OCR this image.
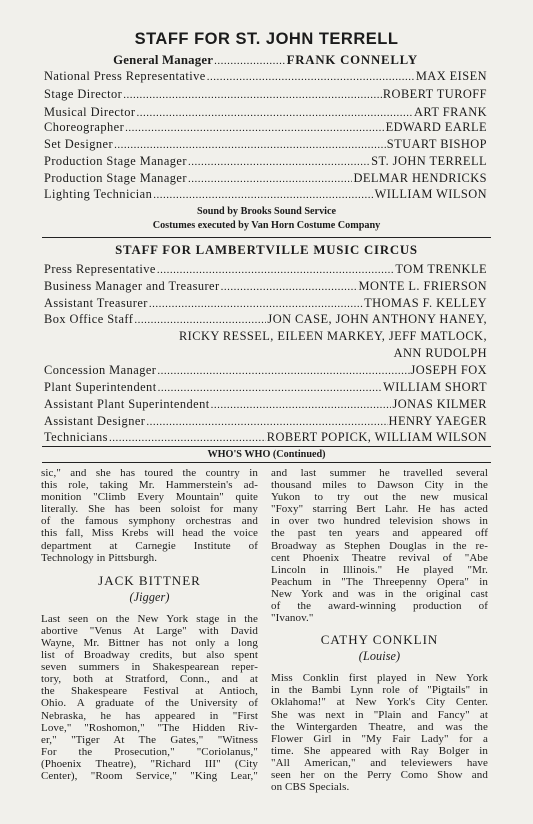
STAFF FOR ST. JOHN TERRELL
General Manager ...................... FRANK CONNELLY
National Press Representative .....	MAX EISEN
Stage Director .....	ROBERT TUROFF
Musical Director .....	ART FRANK
Choreographer .....	EDWARD EARLE
Set Designer .....	STUART BISHOP
Production Stage Manager .....	ST. JOHN TERRELL
Production Stage Manager .....	DELMAR HENDRICKS
Lighting Technician .....	WILLIAM WILSON
Sound by Brooks Sound Service
Costumes executed by Van Horn Costume Company
STAFF FOR LAMBERTVILLE MUSIC CIRCUS
Press Representative .....	TOM TRENKLE
Business Manager and Treasurer .....	MONTE L. FRIERSON
Assistant Treasurer .....	THOMAS F. KELLEY
Box Office Staff .....	JON CASE, JOHN ANTHONY HANEY,
RICKY RESSEL, EILEEN MARKEY, JEFF MATLOCK,
ANN RUDOLPH
Concession Manager .....	JOSEPH FOX
Plant Superintendent .....	WILLIAM SHORT
Assistant Plant Superintendent .....	JONAS KILMER
Assistant Designer .....	HENRY YAEGER
Technicians .....	ROBERT POPICK, WILLIAM WILSON
WHO'S WHO (Continued)
sic," and she has toured the country in
this role, taking Mr. Hammerstein's ad-
monition "Climb Every Mountain" quite
literally. She has been soloist for many
of the famous symphony orchestras and
this fall, Miss Krebs will head the voice
department at Carnegie Institute of
Technology in Pittsburgh.
JACK BITTNER
(Jigger)
Last seen on the New York stage in the
abortive "Venus At Large" with David
Wayne, Mr. Bittner has not only a long
list of Broadway credits, but also spent
seven summers in Shakespearean reper-
tory, both at Stratford, Conn., and at
the Shakespeare Festival at Antioch,
Ohio. A graduate of the University of
Nebraska, he has appeared in "First
Love," "Roshomon," "The Hidden Riv-
er," "Tiger At The Gates," "Witness
For the Prosecution," "Coriolanus,"
(Phoenix Theatre), "Richard III" (City
Center), "Room Service," "King Lear,"
and last summer he travelled several
thousand miles to Dawson City in the
Yukon to try out the new musical
"Foxy" starring Bert Lahr. He has acted
in over two hundred television shows in
the past ten years and appeared off
Broadway as Stephen Douglas in the re-
cent Phoenix Theatre revival of "Abe
Lincoln in Illinois." He played "Mr.
Peachum in "The Threepenny Opera" in
New York and was in the original cast
of the award-winning production of
"Ivanov."
CATHY CONKLIN
(Louise)
Miss Conklin first played in New York
in the Bambi Lynn role of "Pigtails" in
Oklahoma!" at New York's City Center.
She was next in "Plain and Fancy" at
the Wintergarden Theatre, and was the
Flower Girl in "My Fair Lady" for a
time. She appeared with Ray Bolger in
"All American," and televiewers have
seen her on the Perry Como Show and
on CBS Specials.
